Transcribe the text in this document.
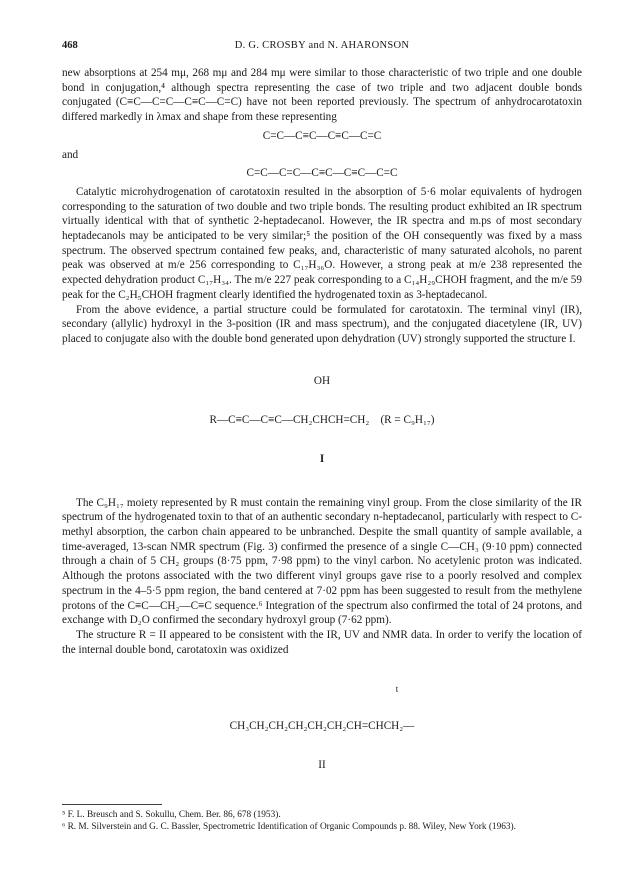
468	D. G. CROSBY and N. AHARONSON

new absorptions at 254 mμ, 268 mμ and 284 mμ were similar to those characteristic of two triple and one double bond in conjugation,⁴ although spectra representing the case of two triple and two adjacent double bonds conjugated (C≡C—C=C—C≡C—C=C) have not been reported previously. The spectrum of anhydrocarotatoxin differed markedly in λmax and shape from these representing

C=C—C≡C—C≡C—C=C

and

C=C—C=C—C≡C—C≡C—C=C

Catalytic microhydrogenation of carotatoxin resulted in the absorption of 5·6 molar equivalents of hydrogen corresponding to the saturation of two double and two triple bonds. The resulting product exhibited an IR spectrum virtually identical with that of synthetic 2-heptadecanol. However, the IR spectra and m.ps of most secondary heptadecanols may be anticipated to be very similar;⁵ the position of the OH consequently was fixed by a mass spectrum. The observed spectrum contained few peaks, and, characteristic of many saturated alcohols, no parent peak was observed at m/e 256 corresponding to C₁₇H₃₆O. However, a strong peak at m/e 238 represented the expected dehydration product C₁₇H₃₄. The m/e 227 peak corresponding to a C₁₄H₂₉CHOH fragment, and the m/e 59 peak for the C₂H₅CHOH fragment clearly identified the hydrogenated toxin as 3-heptadecanol.

From the above evidence, a partial structure could be formulated for carotatoxin. The terminal vinyl (IR), secondary (allylic) hydroxyl in the 3-position (IR and mass spectrum), and the conjugated diacetylene (IR, UV) placed to conjugate also with the double bond generated upon dehydration (UV) strongly supported the structure I.

OH

R—C≡C—C≡C—CH₂CHCH=CH₂    (R = C₉H₁₇)

I

The C₉H₁₇ moiety represented by R must contain the remaining vinyl group. From the close similarity of the IR spectrum of the hydrogenated toxin to that of an authentic secondary n-heptadecanol, particularly with respect to C-methyl absorption, the carbon chain appeared to be unbranched. Despite the small quantity of sample available, a time-averaged, 13-scan NMR spectrum (Fig. 3) confirmed the presence of a single C—CH₃ (9·10 ppm) connected through a chain of 5 CH₂ groups (8·75 ppm, 7·98 ppm) to the vinyl carbon. No acetylenic proton was indicated. Although the protons associated with the two different vinyl groups gave rise to a poorly resolved and complex spectrum in the 4–5·5 ppm region, the band centered at 7·02 ppm has been suggested to result from the methylene protons of the C≡C—CH₂—C≡C sequence.⁶ Integration of the spectrum also confirmed the total of 24 protons, and exchange with D₂O confirmed the secondary hydroxyl group (7·62 ppm).

The structure R = II appeared to be consistent with the IR, UV and NMR data. In order to verify the location of the internal double bond, carotatoxin was oxidized

t

CH₃CH₂CH₂CH₂CH₂CH₂CH=CHCH₂—

II

⁵ F. L. Breusch and S. Sokullu, Chem. Ber. 86, 678 (1953).

⁶ R. M. Silverstein and G. C. Bassler, Spectrometric Identification of Organic Compounds p. 88. Wiley, New York (1963).
